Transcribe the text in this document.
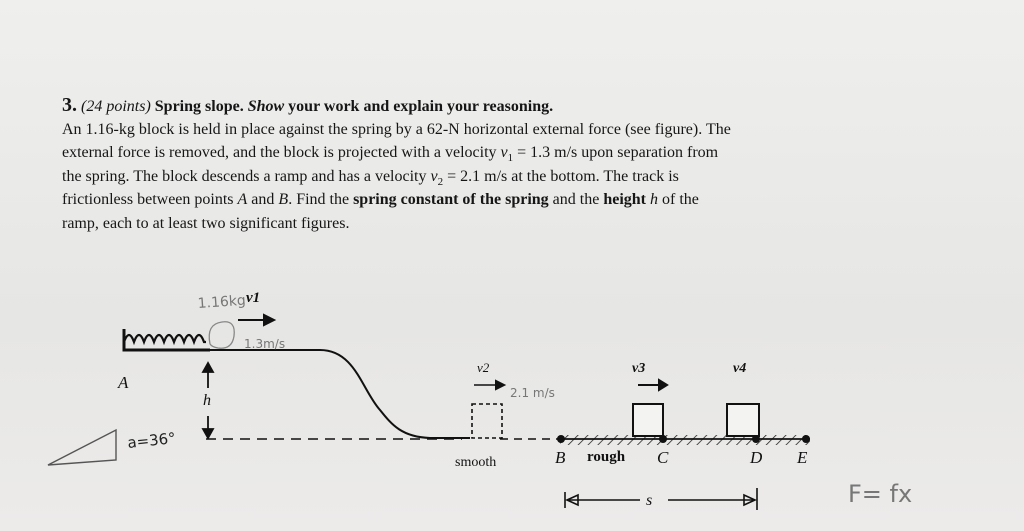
3. (24 points) Spring slope. Show your work and explain your reasoning.
An 1.16-kg block is held in place against the spring by a 62-N horizontal external force (see figure). The
external force is removed, and the block is projected with a velocity $v_1 = 1.3$ m/s upon separation from
the spring. The block descends a ramp and has a velocity $v_2 = 2.1$ m/s at the bottom. The track is
frictionless between points A and B. Find the spring constant of the spring and the height h of the
ramp, each to at least two significant figures.
A
h
v1
v2	v3	v4
smooth	B rough C	D E
s
1.16kg
1.3m/s
2.1 m/s
a=36°
F= fx
